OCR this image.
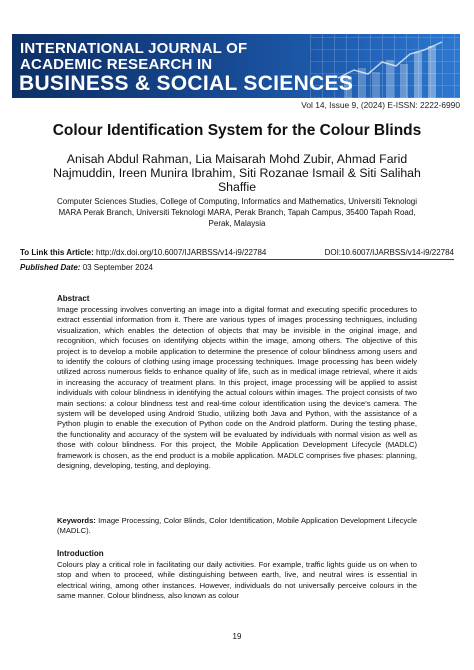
INTERNATIONAL JOURNAL OF
ACADEMIC RESEARCH IN
BUSINESS & SOCIAL SCIENCES
Vol 14, Issue 9, (2024) E-ISSN: 2222-6990
Colour Identification System for the Colour Blinds
Anisah Abdul Rahman, Lia Maisarah Mohd Zubir, Ahmad Farid Najmuddin, Ireen Munira Ibrahim, Siti Rozanae Ismail & Siti Salihah Shaffie
Computer Sciences Studies, College of Computing, Informatics and Mathematics, Universiti Teknologi MARA Perak Branch, Universiti Teknologi MARA, Perak Branch, Tapah Campus, 35400 Tapah Road, Perak, Malaysia
To Link this Article: http://dx.doi.org/10.6007/IJARBSS/v14-i9/22784	DOI:10.6007/IJARBSS/v14-i9/22784
Published Date: 03 September 2024
Abstract
Image processing involves converting an image into a digital format and executing specific procedures to extract essential information from it. There are various types of images processing techniques, including visualization, which enables the detection of objects that may be invisible in the original image, and recognition, which focuses on identifying objects within the image, among others. The objective of this project is to develop a mobile application to determine the presence of colour blindness among users and to identify the colours of clothing using image processing techniques. Image processing has been widely utilized across numerous fields to enhance quality of life, such as in medical image retrieval, where it aids in increasing the accuracy of treatment plans. In this project, image processing will be applied to assist individuals with colour blindness in identifying the actual colours within images. The project consists of two main sections: a colour blindness test and real-time colour identification using the device’s camera. The system will be developed using Android Studio, utilizing both Java and Python, with the assistance of a Python plugin to enable the execution of Python code on the Android platform. During the testing phase, the functionality and accuracy of the system will be evaluated by individuals with normal vision as well as those with colour blindness. For this project, the Mobile Application Development Lifecycle (MADLC) framework is chosen, as the end product is a mobile application. MADLC comprises five phases: planning, designing, developing, testing, and deploying.
Keywords: Image Processing, Color Blinds, Color Identification, Mobile Application Development Lifecycle (MADLC).
Introduction
Colours play a critical role in facilitating our daily activities. For example, traffic lights guide us on when to stop and when to proceed, while distinguishing between earth, live, and neutral wires is essential in electrical wiring, among other instances. However, individuals do not universally perceive colours in the same manner. Colour blindness, also known as colour
19
